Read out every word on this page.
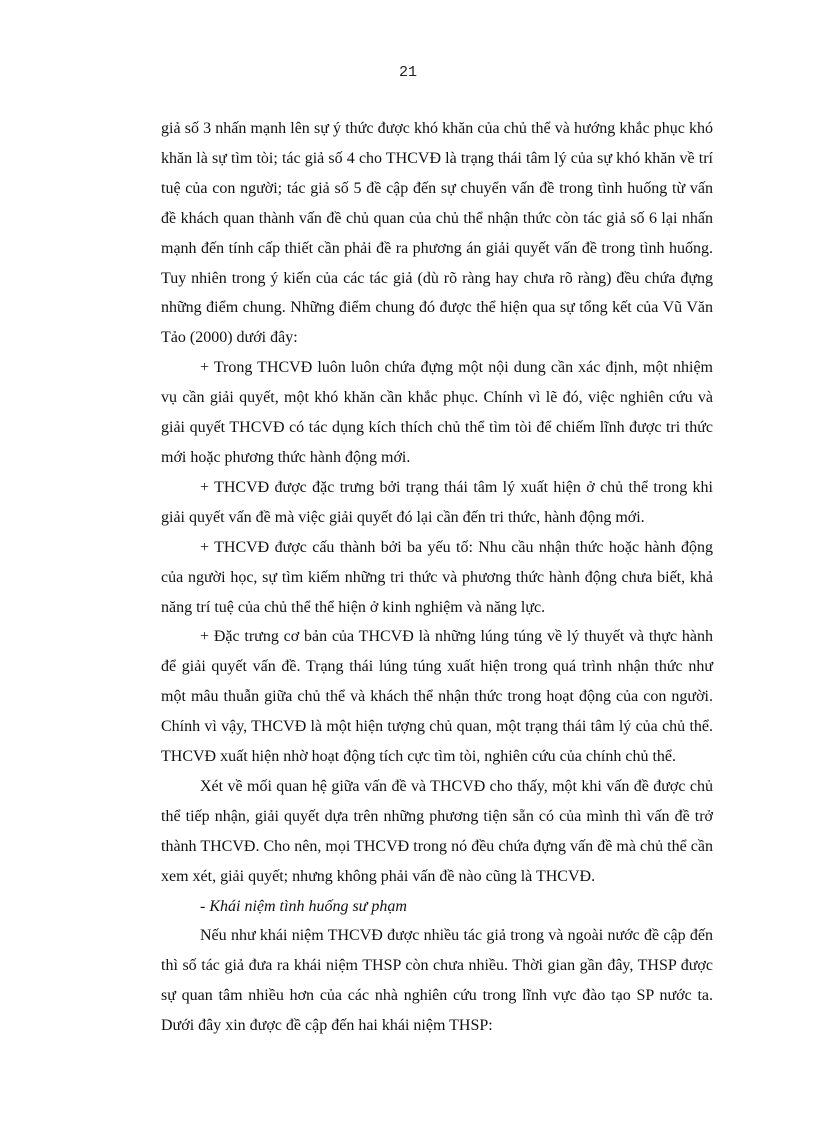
21

giả số 3 nhấn mạnh lên sự ý thức được khó khăn của chủ thể và hướng khắc phục khó khăn là sự tìm tòi; tác giả số 4 cho THCVĐ là trạng thái tâm lý của sự khó khăn về trí tuệ của con người; tác giả số 5 đề cập đến sự chuyển vấn đề trong tình huống từ vấn đề khách quan thành vấn đề chủ quan của chủ thể nhận thức còn tác giả số 6 lại nhấn mạnh đến tính cấp thiết cần phải đề ra phương án giải quyết vấn đề trong tình huống. Tuy nhiên trong ý kiến của các tác giả (dù rõ ràng hay chưa rõ ràng) đều chứa đựng những điểm chung. Những điểm chung đó được thể hiện qua sự tổng kết của Vũ Văn Tảo (2000) dưới đây:

+ Trong THCVĐ luôn luôn chứa đựng một nội dung cần xác định, một nhiệm vụ cần giải quyết, một khó khăn cần khắc phục. Chính vì lẽ đó, việc nghiên cứu và giải quyết THCVĐ có tác dụng kích thích chủ thể tìm tòi để chiếm lĩnh được tri thức mới hoặc phương thức hành động mới.

+ THCVĐ được đặc trưng bởi trạng thái tâm lý xuất hiện ở chủ thể trong khi giải quyết vấn đề mà việc giải quyết đó lại cần đến tri thức, hành động mới.

+ THCVĐ được cấu thành bởi ba yếu tố: Nhu cầu nhận thức hoặc hành động của người học, sự tìm kiếm những tri thức và phương thức hành động chưa biết, khả năng trí tuệ của chủ thể thể hiện ở kinh nghiệm và năng lực.

+ Đặc trưng cơ bản của THCVĐ là những lúng túng về lý thuyết và thực hành để giải quyết vấn đề. Trạng thái lúng túng xuất hiện trong quá trình nhận thức như một mâu thuẫn giữa chủ thể và khách thể nhận thức trong hoạt động của con người. Chính vì vậy, THCVĐ là một hiện tượng chủ quan, một trạng thái tâm lý của chủ thể. THCVĐ xuất hiện nhờ hoạt động tích cực tìm tòi, nghiên cứu của chính chủ thể.

Xét về mối quan hệ giữa vấn đề và THCVĐ cho thấy, một khi vấn đề được chủ thể tiếp nhận, giải quyết dựa trên những phương tiện sẵn có của mình thì vấn đề trở thành THCVĐ. Cho nên, mọi THCVĐ trong nó đều chứa đựng vấn đề mà chủ thể cần xem xét, giải quyết; nhưng không phải vấn đề nào cũng là THCVĐ.

- Khái niệm tình huống sư phạm

Nếu như khái niệm THCVĐ được nhiều tác giả trong và ngoài nước đề cập đến thì số tác giả đưa ra khái niệm THSP còn chưa nhiều. Thời gian gần đây, THSP được sự quan tâm nhiều hơn của các nhà nghiên cứu trong lĩnh vực đào tạo SP nước ta. Dưới đây xin được đề cập đến hai khái niệm THSP:
